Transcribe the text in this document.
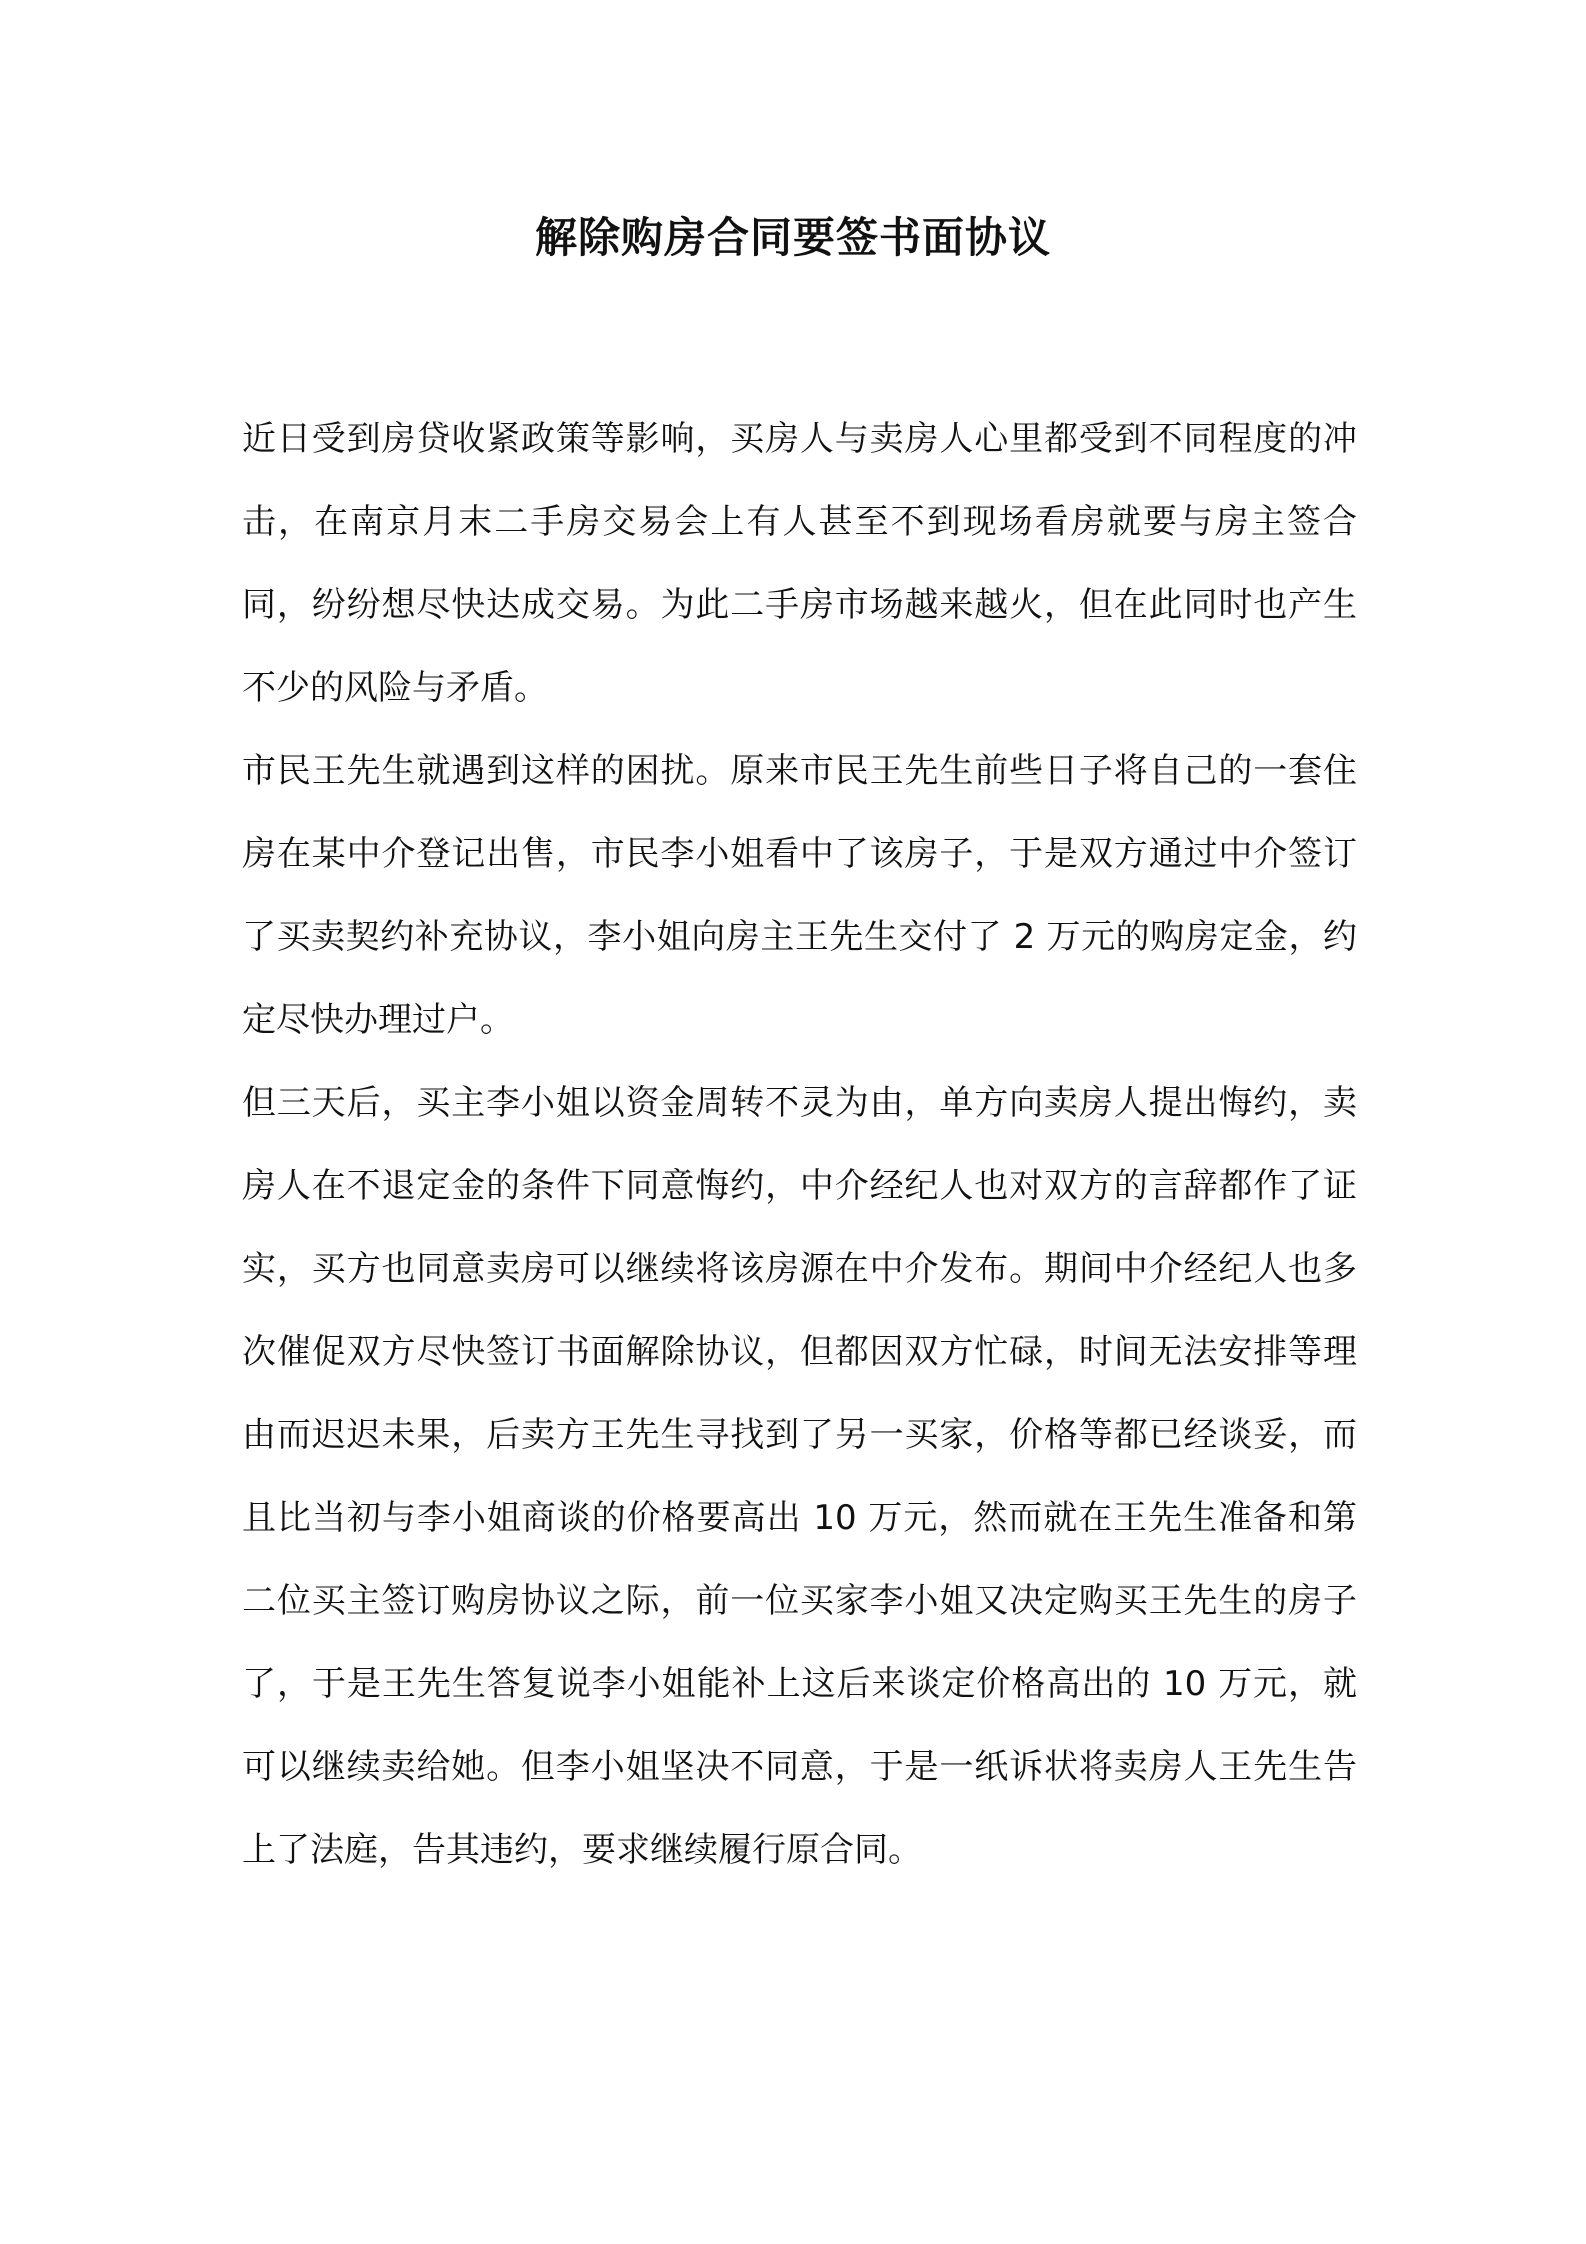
解除购房合同要签书面协议

近日受到房贷收紧政策等影响，买房人与卖房人心里都受到不同程度的冲击，在南京月末二手房交易会上有人甚至不到现场看房就要与房主签合同，纷纷想尽快达成交易。为此二手房市场越来越火，但在此同时也产生不少的风险与矛盾。

市民王先生就遇到这样的困扰。原来市民王先生前些日子将自己的一套住房在某中介登记出售，市民李小姐看中了该房子，于是双方通过中介签订了买卖契约补充协议，李小姐向房主王先生交付了 2 万元的购房定金，约定尽快办理过户。

但三天后，买主李小姐以资金周转不灵为由，单方向卖房人提出悔约，卖房人在不退定金的条件下同意悔约，中介经纪人也对双方的言辞都作了证实，买方也同意卖房可以继续将该房源在中介发布。期间中介经纪人也多次催促双方尽快签订书面解除协议，但都因双方忙碌，时间无法安排等理由而迟迟未果，后卖方王先生寻找到了另一买家，价格等都已经谈妥，而且比当初与李小姐商谈的价格要高出 10 万元，然而就在王先生准备和第二位买主签订购房协议之际，前一位买家李小姐又决定购买王先生的房子了，于是王先生答复说李小姐能补上这后来谈定价格高出的 10 万元，就可以继续卖给她。但李小姐坚决不同意，于是一纸诉状将卖房人王先生告上了法庭，告其违约，要求继续履行原合同。
